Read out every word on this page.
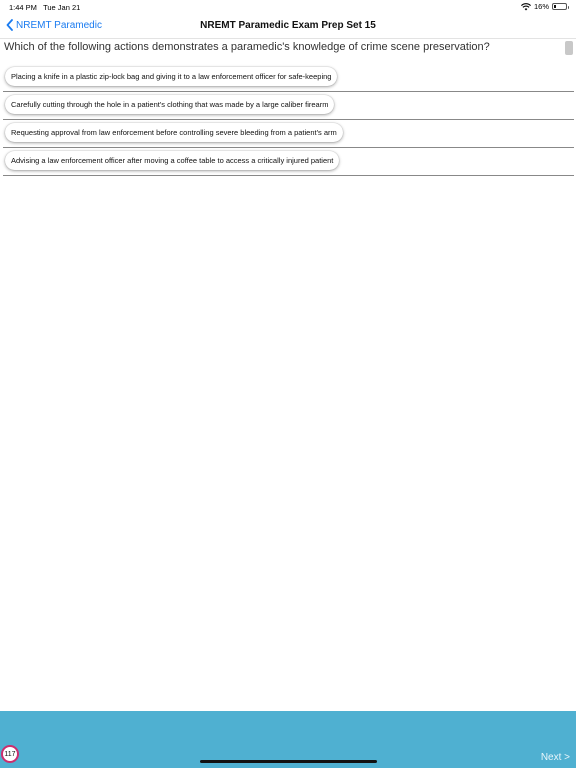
1:44 PM Tue Jan 21	16%
NREMT Paramedic	NREMT Paramedic Exam Prep Set 15
Which of the following actions demonstrates a paramedic's knowledge of crime scene preservation?
Placing a knife in a plastic zip-lock bag and giving it to a law enforcement officer for safe-keeping
Carefully cutting through the hole in a patient's clothing that was made by a large caliber firearm
Requesting approval from law enforcement before controlling severe bleeding from a patient's arm
Advising a law enforcement officer after moving a coffee table to access a critically injured patient
117	Next >
